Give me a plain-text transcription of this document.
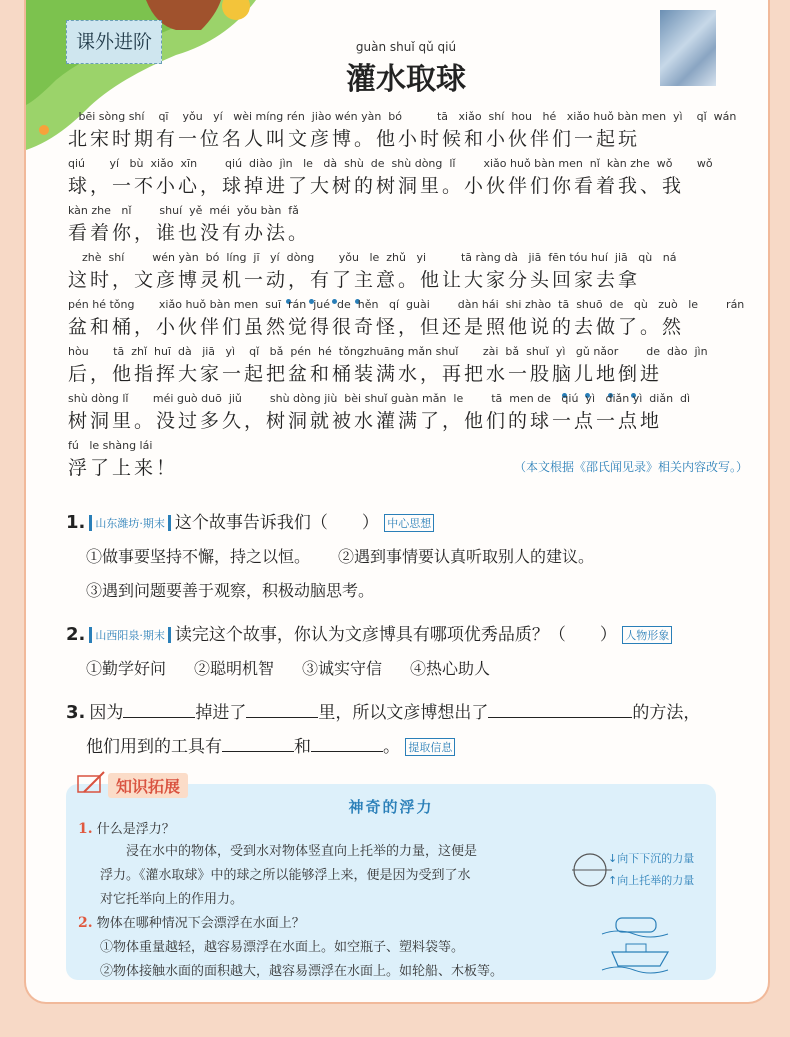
课外进阶	guàn shuǐ qǔ qiú
灌水取球
bēi sòng shí    qī    yǒu   yí   wèi míng rén  jiào wén yàn  bó          tā   xiǎo  shí  hou   hé   xiǎo huǒ bàn men  yì    qǐ  wán
北宋时期有一位名人叫文彦博。他小时候和小伙伴们一起玩
qiú       yí   bù  xiǎo  xīn        qiú  diào  jìn   le   dà  shù  de  shù dòng  lǐ        xiǎo huǒ bàn men  nǐ  kàn zhe  wǒ       wǒ
球，一不小心，球掉进了大树的树洞里。小伙伴们你看着我、我
kàn zhe   nǐ        shuí  yě  méi  yǒu bàn  fǎ
看着你，谁也没有办法。
zhè  shí        wén yàn  bó  líng  jī   yí  dòng       yǒu   le  zhǔ   yi          tā ràng dà   jiā  fēn tóu huí  jiā   qù   ná
这时，文彦博灵机一动，有了主意。他让大家分头回家去拿
pén hé tǒng       xiǎo huǒ bàn men  suī  rán  jué  de  hěn   qí  guài        dàn hái  shi zhào  tā  shuō  de   qù   zuò   le        rán
盆和桶，小伙伴们虽然觉得很奇怪，但还是照他说的去做了。然
hòu       tā  zhǐ  huī  dà   jiā   yì    qǐ   bǎ  pén  hé  tǒngzhuāng mǎn shuǐ       zài  bǎ  shuǐ  yì   gǔ nǎor        de  dào  jìn
后，他指挥大家一起把盆和桶装满水，再把水一股脑儿地倒进
shù dòng lǐ       méi guò duō  jiǔ        shù dòng jiù  bèi shuǐ guàn mǎn  le        tā  men de   qiú  yì   diǎn yì  diǎn  dì
树洞里。没过多久，树洞就被水灌满了，他们的球一点一点地
fú   le shàng lái
浮了上来！	（本文根据《邵氏闻见录》相关内容改写。）
1. 山东潍坊·期末 这个故事告诉我们（　　） 中心思想
①做事要坚持不懈，持之以恒。 ②遇到事情要认真听取别人的建议。
③遇到问题要善于观察，积极动脑思考。
2. 山西阳泉·期末 读完这个故事，你认为文彦博具有哪项优秀品质？（　　） 人物形象
①勤学好问 ②聪明机智 ③诚实守信 ④热心助人
3. 因为	掉进了	里，所以文彦博想出了	的方法，
他们用到的工具有	和	。 提取信息
神奇的浮力
1. 什么是浮力？
浸在水中的物体，受到水对物体竖直向上托举的力量，这便是
浮力。《灌水取球》中的球之所以能够浮上来，便是因为受到了水
对它托举向上的作用力。
↓向下下沉的力量
↑向上托举的力量
2. 物体在哪种情况下会漂浮在水面上？
①物体重量越轻，越容易漂浮在水面上。如空瓶子、塑料袋等。
②物体接触水面的面积越大，越容易漂浮在水面上。如轮船、木板等。
知识拓展
